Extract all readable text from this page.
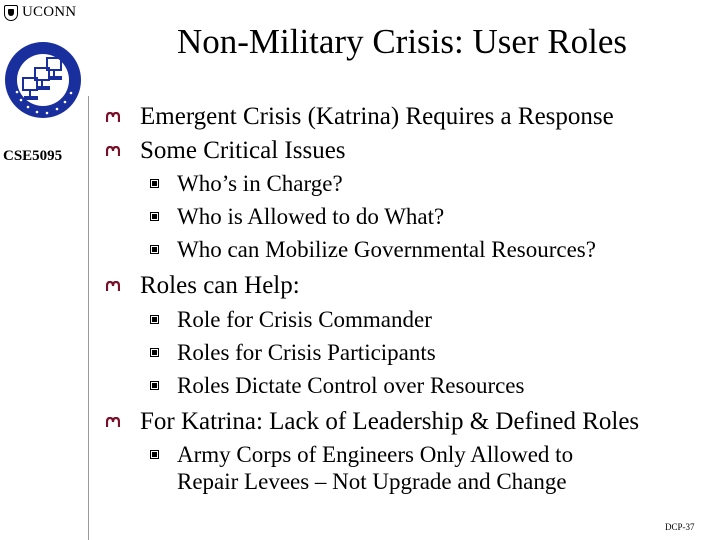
UCONN
CSE5095
Non-Military Crisis: User Roles
Emergent Crisis (Katrina) Requires a Response
Some Critical Issues
Who’s in Charge?
Who is Allowed to do What?
Who can Mobilize Governmental Resources?
Roles can Help:
Role for Crisis Commander
Roles for Crisis Participants
Roles Dictate Control over Resources
For Katrina: Lack of Leadership & Defined Roles
Army Corps of Engineers Only Allowed to
Repair Levees – Not Upgrade and Change
DCP-37
